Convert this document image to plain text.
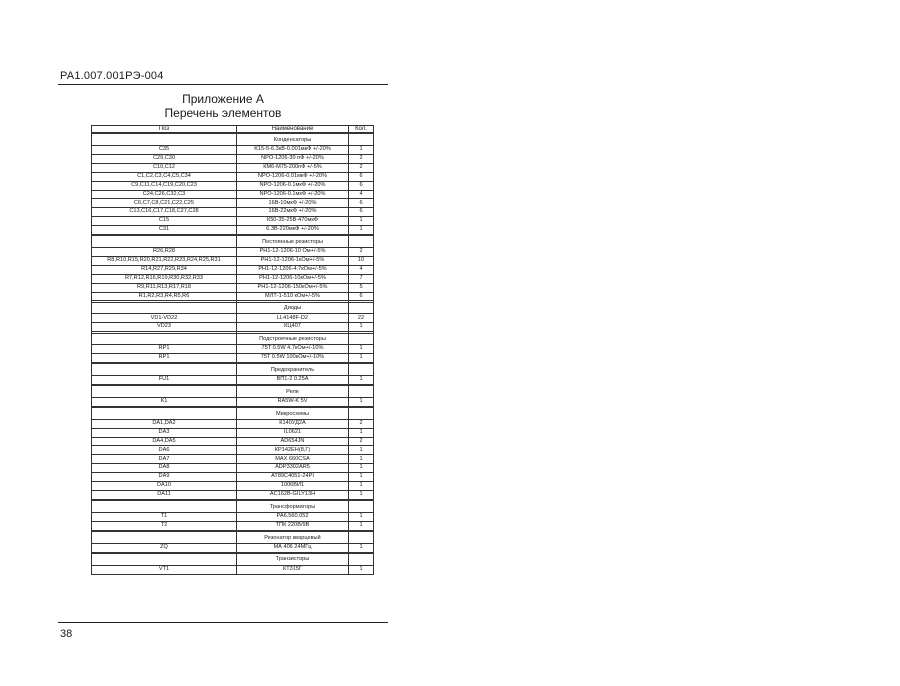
РА1.007.001РЭ-004
Приложение А
Перечень элементов
Поз	Наименование	Кол.

	Конденсаторы	
C35	K15-5-6.3кВ-0.001мкФ +/-20%	1
C29,C30	NPO-1206-30 пФ +/-20%	2
C10,C12	КМ6-М75-200пФ +/-5%	2
C1,C2,C3,C4,C5,C34	NPO-1206-0.01мкФ +/-20%	6
C9,C11,C14,C19,C20,C23	NPO-1206-0.1мкФ +/-20%	6
C24,C26,C32,C3	NPO-1206-0.1мкФ +/-20%	4
C6,C7,C8,C21,C22,C25	16В-10мкФ +/-20%	6
C13,C16,C17,C18,C27,C28	16В-22мкФ +/-20%	6
C15	К50-35-25В-470мкФ	1
C31	6.3В-220мкФ +/-20%	1

	Постоянные резисторы	
R26,R28	РН1-12-1206-10 Ом+/-5%	2
R8,R10,R15,R20,R21,R22,R23,R24,R25,R31	РН1-12-1206-1кОм+/-5%	10
R14,R27,R29,R34	РН1-12-1206-4.7кОм+/-5%	4
R7,R12,R16,R19,R30,R32,R33	РН1-12-1206-10кОм+/-5%	7
R9,R11,R13,R17,R18	РН1-12-1206-150кОм+/-5%	5
R1,R2,R3,R4,R5,R6	МЛТ-1-510 кОм+/-5%	6

	Диоды	
VD1-VD22	LL4148F-D2	22
VD23	КЦ407	1

	Подстроечные резисторы	
RP1	75T 0.5W 4.7кОм+/-10%	1
RP1	75T 0.5W 100кОм+/-10%	1

	Предохранитель	
FU1	ВП1-2 0.25А	1

	Реле	
K1	RA5W-K 5V	1

	Микросхемы	
DA1,DA2	К140УД2А	2
DA3	IL0621	1
DA4,DA5	AD654JN	2
DA6	КР142ЕН(8,Г)	1
DA7	MAX 660CSA	1
DA8	ADP3302AR5	1
DA9	AT89C4051-24PI	1
DA10	1006ВИ1	1
DA11	AC162B-GILY13H	1

	Трансформаторы	
T1	РА6.560.052	1
T2	ТПК 220В/9В	1

	Резонатор кварцевый	
ZQ	МА 406 24МГц	1

	Транзисторы	
VT1	КТ315Г	1
38
